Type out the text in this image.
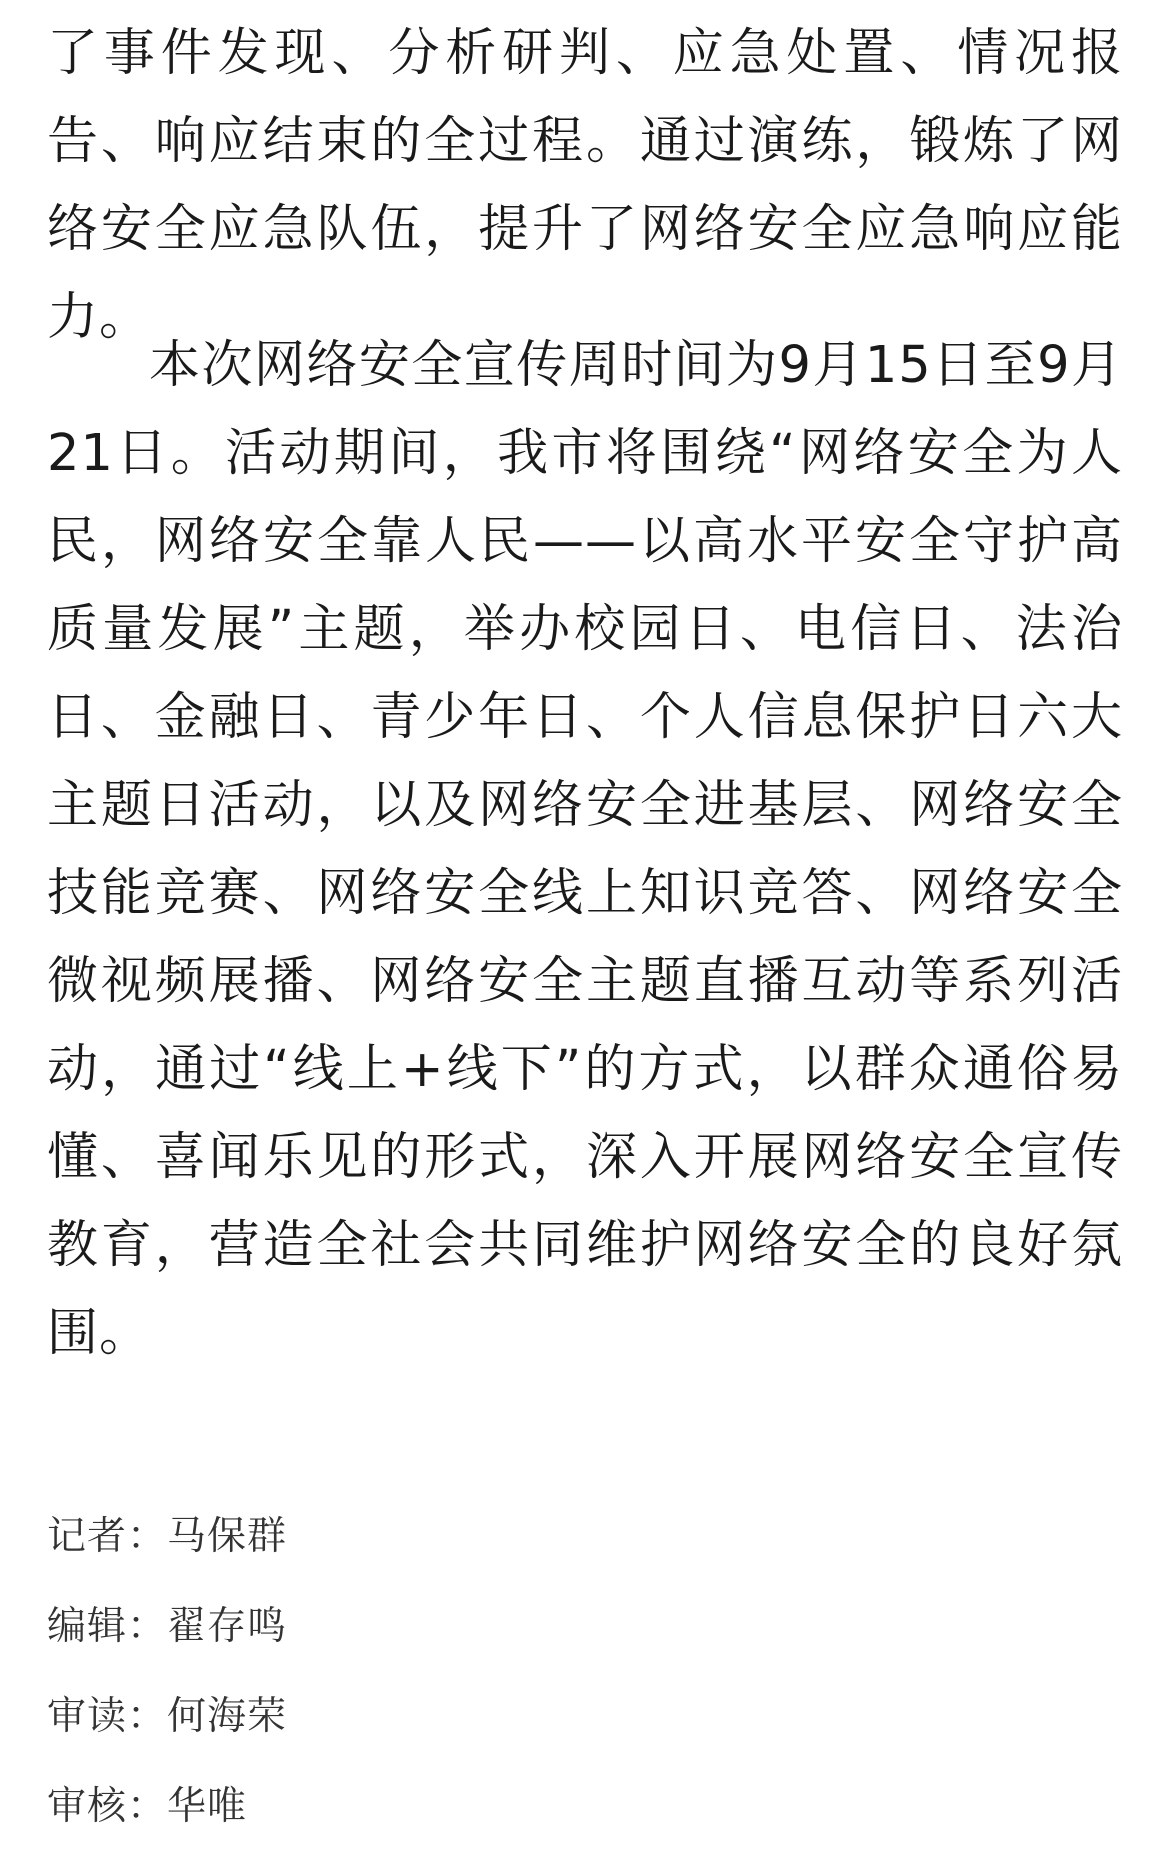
了事件发现、分析研判、应急处置、情况报告、响应结束的全过程。通过演练，锻炼了网络安全应急队伍，提升了网络安全应急响应能力。

本次网络安全宣传周时间为9月15日至9月21日。活动期间，我市将围绕“网络安全为人民，网络安全靠人民——以高水平安全守护高质量发展”主题，举办校园日、电信日、法治日、金融日、青少年日、个人信息保护日六大主题日活动，以及网络安全进基层、网络安全技能竞赛、网络安全线上知识竞答、网络安全微视频展播、网络安全主题直播互动等系列活动，通过“线上+线下”的方式，以群众通俗易懂、喜闻乐见的形式，深入开展网络安全宣传教育，营造全社会共同维护网络安全的良好氛围。

记者：马保群
编辑：翟存鸣
审读：何海荣
审核：华唯
